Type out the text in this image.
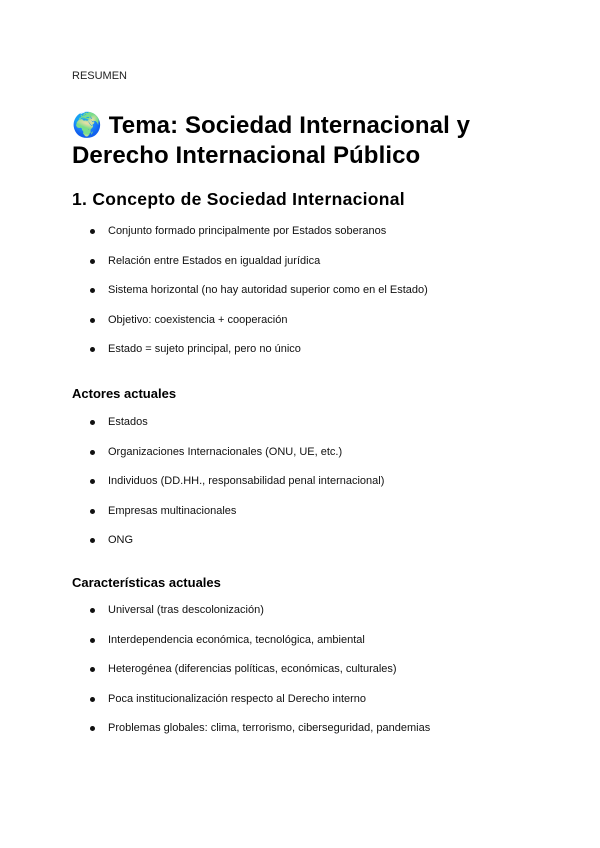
RESUMEN
🌍 Tema: Sociedad Internacional y
Derecho Internacional Público
1. Concepto de Sociedad Internacional
Conjunto formado principalmente por Estados soberanos
Relación entre Estados en igualdad jurídica
Sistema horizontal (no hay autoridad superior como en el Estado)
Objetivo: coexistencia + cooperación
Estado = sujeto principal, pero no único
Actores actuales
Estados
Organizaciones Internacionales (ONU, UE, etc.)
Individuos (DD.HH., responsabilidad penal internacional)
Empresas multinacionales
ONG
Características actuales
Universal (tras descolonización)
Interdependencia económica, tecnológica, ambiental
Heterogénea (diferencias políticas, económicas, culturales)
Poca institucionalización respecto al Derecho interno
Problemas globales: clima, terrorismo, ciberseguridad, pandemias
